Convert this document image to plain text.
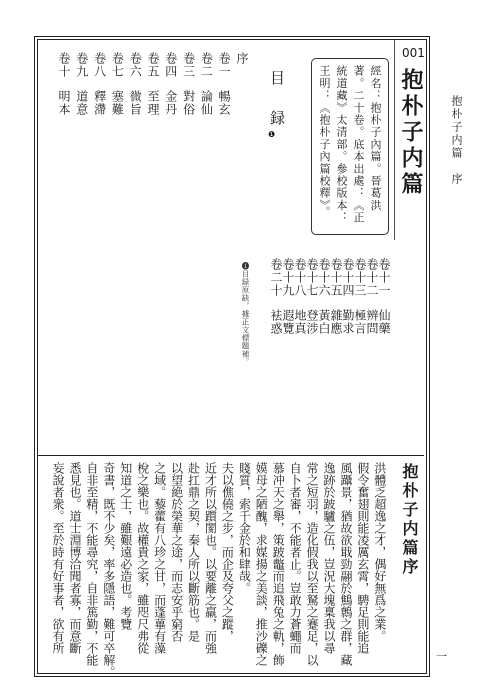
抱朴子内篇　序
一
001
抱朴子内篇
經名：抱朴子內篇。晉葛洪著。二十卷。底本出處：《正統道藏》太清部。參校版本：王明：《抱朴子內篇校釋》。
目　録
❶
序
卷一暢玄
卷二論仙
卷三對俗
卷四金丹
卷五至理
卷六微旨
卷七塞難
卷八釋滯
卷九道意
卷十明本
卷十一仙藥
卷十二辨問
卷十三極言
卷十四勤求
卷十五雜應
卷十六黃白
卷十七登涉
卷十八地真
卷十九遐覽
卷二十袪惑
❶目録原缺，據正文標題補。
抱朴子内篇序
洪體乏超逸之才，偶好無爲之業。
假令奮翅則能凌厲玄霄，騁足則能追
風躡景，猶故欲戢勁翮於鷦鷯之群，藏
逸跡於跛驢之伍，豈況大塊稟我以尋
常之短羽，造化假我以至駑之蹇足，以
自卜者審，不能者止。豈敢力蒼蠅而
慕冲天之舉，策跛鼈而追飛兔之軌，飾
嫫母之陋醜，求媒揚之美談，推沙礫之
賤質，索千金於和肆哉。
夫以僬僥之步，而企及夸父之蹤，
近才所以躓閡也。以要離之羸，而強
赴扛鼎之契，秦人所以斷筋也。是
以望絶於榮華之途，而志安乎窮否
之域。藜藿有八珍之甘，而蓬蓽有藻
梲之樂也。故權貴之家，雖咫尺弗從
知道之士，雖艱遠必造也。考覽
奇書，既不少矣，率多隱語，難可卒解。
自非至精，不能尋究，自非篤勤，不能
悉見也。道士淵博洽聞者寡，而意斷
妄說者衆。至於時有好事者，欲有所
